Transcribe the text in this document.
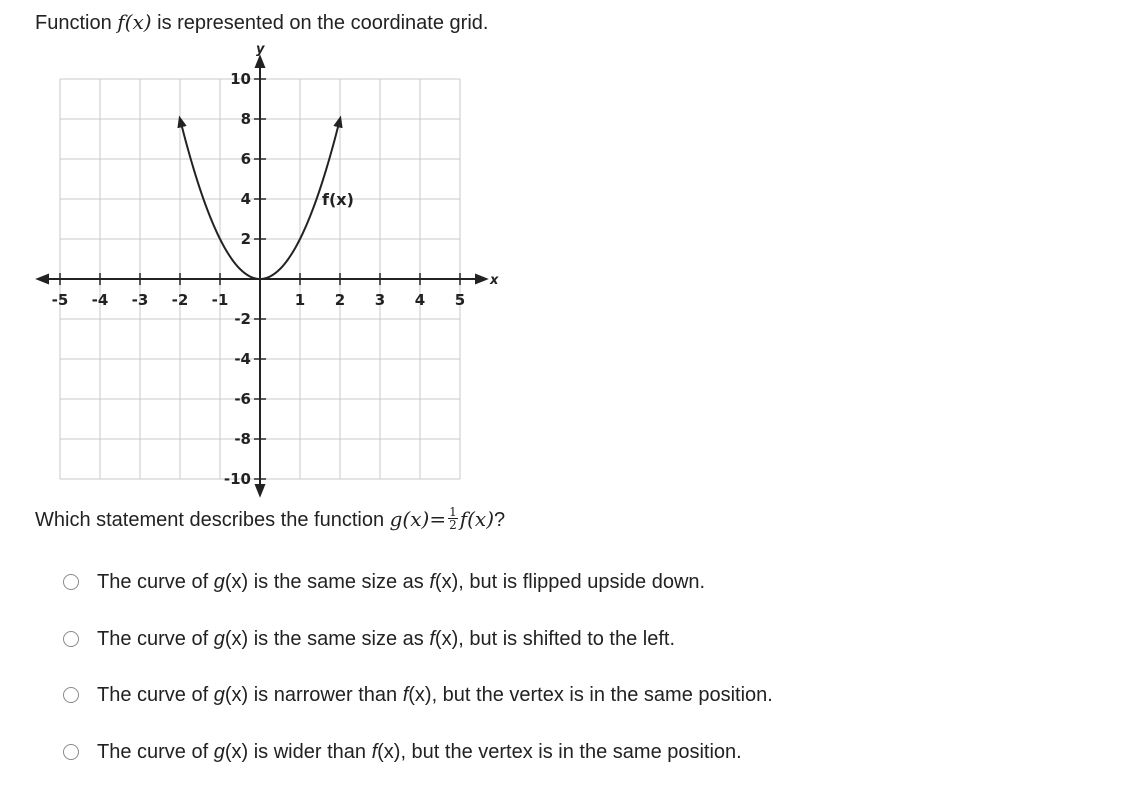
Function f(x) is represented on the coordinate grid.
x
y
-5 -4 -3 -2 -1	1 2 3 4 5
10
8
6
4
2
-2
-4
-6
-8
-10
f(x)
Which statement describes the function $g(x)= \frac{1}{2} f(x)$?
The curve of g(x) is the same size as f(x), but is flipped upside down.
The curve of g(x) is the same size as f(x), but is shifted to the left.
The curve of g(x) is narrower than f(x), but the vertex is in the same position.
The curve of g(x) is wider than f(x), but the vertex is in the same position.
